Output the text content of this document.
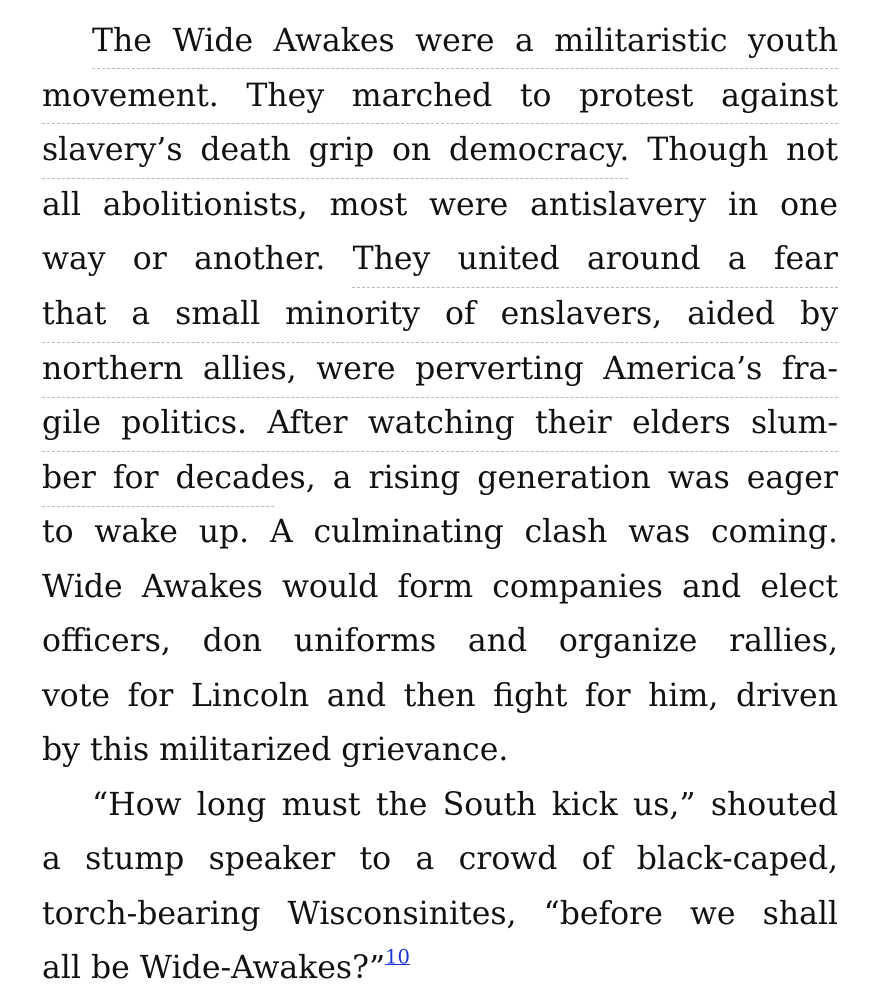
The Wide Awakes were a militaristic youth
movement. They marched to protest against
slavery’s death grip on democracy. Though not
all abolitionists, most were antislavery in one
way or another. They united around a fear
that a small minority of enslavers, aided by
northern allies, were perverting America’s fra-
gile politics. After watching their elders slum-
ber for decades, a rising generation was eager
to wake up. A culminating clash was coming.
Wide Awakes would form companies and elect
officers, don uniforms and organize rallies,
vote for Lincoln and then fight for him, driven
by this militarized grievance.
“How long must the South kick us,” shouted
a stump speaker to a crowd of black-caped,
torch-bearing Wisconsinites, “before we shall
all be Wide-Awakes?”$^{10}$
